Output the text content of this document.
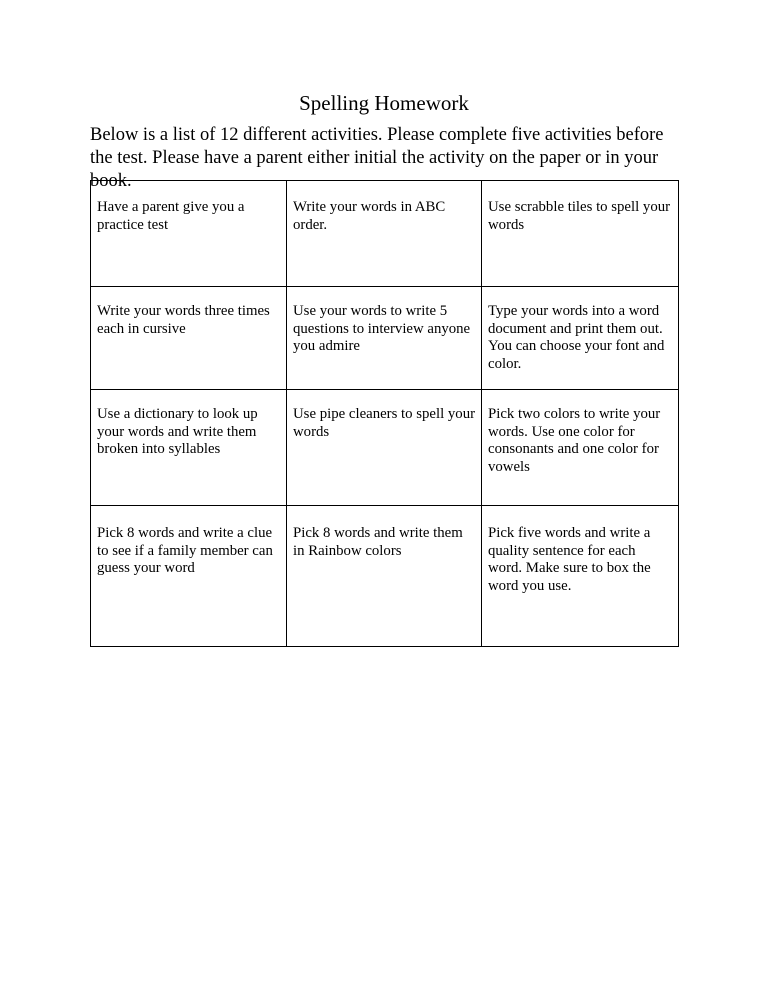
Spelling Homework

Below is a list of 12 different activities. Please complete five activities before the test. Please have a parent either initial the activity on the paper or in your book.

Have a parent give you a practice test	Write your words in ABC order.	Use scrabble tiles to spell your words
Write your words three times each in cursive	Use your words to write 5 questions to interview anyone you admire	Type your words into a word document and print them out. You can choose your font and color.
Use a dictionary to look up your words and write them broken into syllables	Use pipe cleaners to spell your words	Pick two colors to write your words. Use one color for consonants and one color for vowels
Pick 8 words and write a clue to see if a family member can guess your word	Pick 8 words and write them in Rainbow colors	Pick five words and write a quality sentence for each word. Make sure to box the word you use.
